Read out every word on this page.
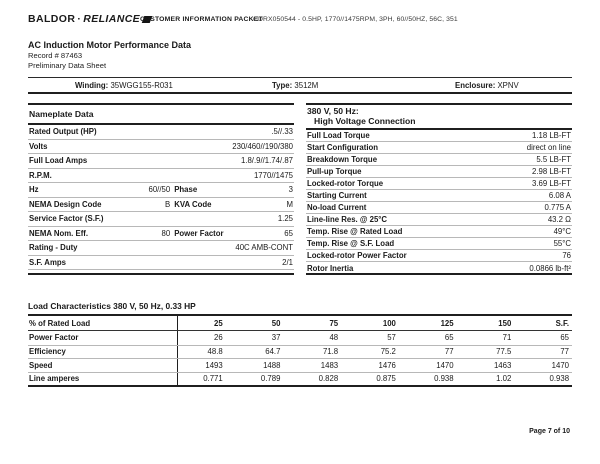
BALDOR · RELIANCE CUSTOMER INFORMATION PACKET
CDRX050544 - 0.5HP, 1770//1475RPM, 3PH, 60//50HZ, 56C, 351
AC Induction Motor Performance Data
Record # 87463
Preliminary Data Sheet
Winding: 35WGG155-R031	Type: 3512M	Enclosure: XPNV
Nameplate Data
Rated Output (HP)	.5//.33
Volts	230/460//190/380
Full Load Amps	1.8/.9//1.74/.87
R.P.M.	1770//1475
Hz	60//50 Phase	3
NEMA Design Code	B KVA Code	M
Service Factor (S.F.)	1.25
NEMA Nom. Eff.	80 Power Factor	65
Rating - Duty	40C AMB-CONT
S.F. Amps	2/1
380 V, 50 Hz:
High Voltage Connection
Full Load Torque	1.18 LB-FT
Start Configuration	direct on line
Breakdown Torque	5.5 LB-FT
Pull-up Torque	2.98 LB-FT
Locked-rotor Torque	3.69 LB-FT
Starting Current	6.08 A
No-load Current	0.775 A
Line-line Res. @ 25°C	43.2 Ω
Temp. Rise @ Rated Load	49°C
Temp. Rise @ S.F. Load	55°C
Locked-rotor Power Factor	76
Rotor Inertia	0.0866 lb-ft²
Load Characteristics 380 V, 50 Hz, 0.33 HP
% of Rated Load	25	50	75	100	125	150	S.F.
Power Factor	26	37	48	57	65	71	65
Efficiency	48.8	64.7	71.8	75.2	77	77.5	77
Speed	1493	1488	1483	1476	1470	1463	1470
Line amperes	0.771	0.789	0.828	0.875	0.938	1.02	0.938
Page 7 of 10
